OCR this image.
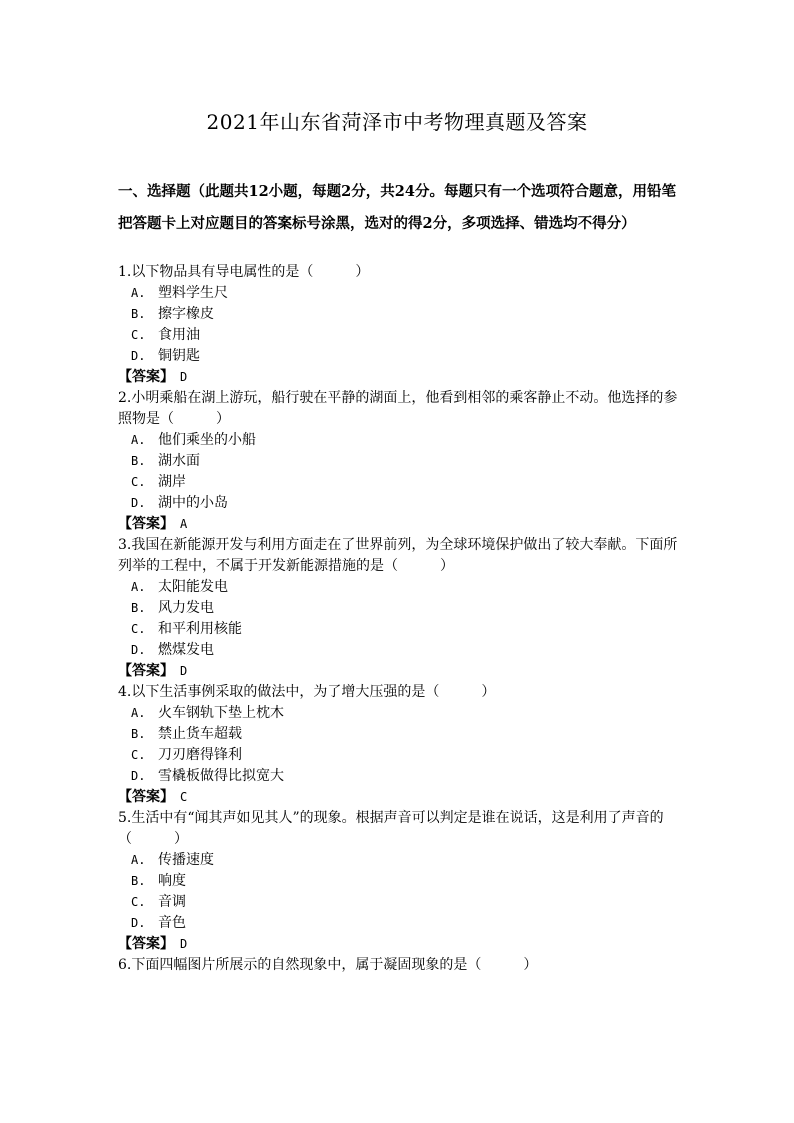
2021年山东省菏泽市中考物理真题及答案
一、选择题（此题共12小题，每题2分，共24分。每题只有一个选项符合题意，用铅笔
把答题卡上对应题目的答案标号涂黑，选对的得2分，多项选择、错选均不得分）

1.以下物品具有导电属性的是（　　　）

A. 塑料学生尺
B. 擦字橡皮
C. 食用油
D. 铜钥匙

【答案】 D

2.小明乘船在湖上游玩，船行驶在平静的湖面上，他看到相邻的乘客静止不动。他选择的参照物是（　　　）

A. 他们乘坐的小船
B. 湖水面
C. 湖岸
D. 湖中的小岛

【答案】 A

3.我国在新能源开发与利用方面走在了世界前列，为全球环境保护做出了较大奉献。下面所列举的工程中，不属于开发新能源措施的是（　　　）

A. 太阳能发电
B. 风力发电
C. 和平利用核能
D. 燃煤发电

【答案】 D

4.以下生活事例采取的做法中，为了增大压强的是（　　　）

A. 火车钢轨下垫上枕木
B. 禁止货车超载
C. 刀刃磨得锋利
D. 雪橇板做得比拟宽大

【答案】 C

5.生活中有“闻其声如见其人”的现象。根据声音可以判定是谁在说话，这是利用了声音的（　　　）

A. 传播速度
B. 响度
C. 音调
D. 音色

【答案】 D

6.下面四幅图片所展示的自然现象中，属于凝固现象的是（　　　）
